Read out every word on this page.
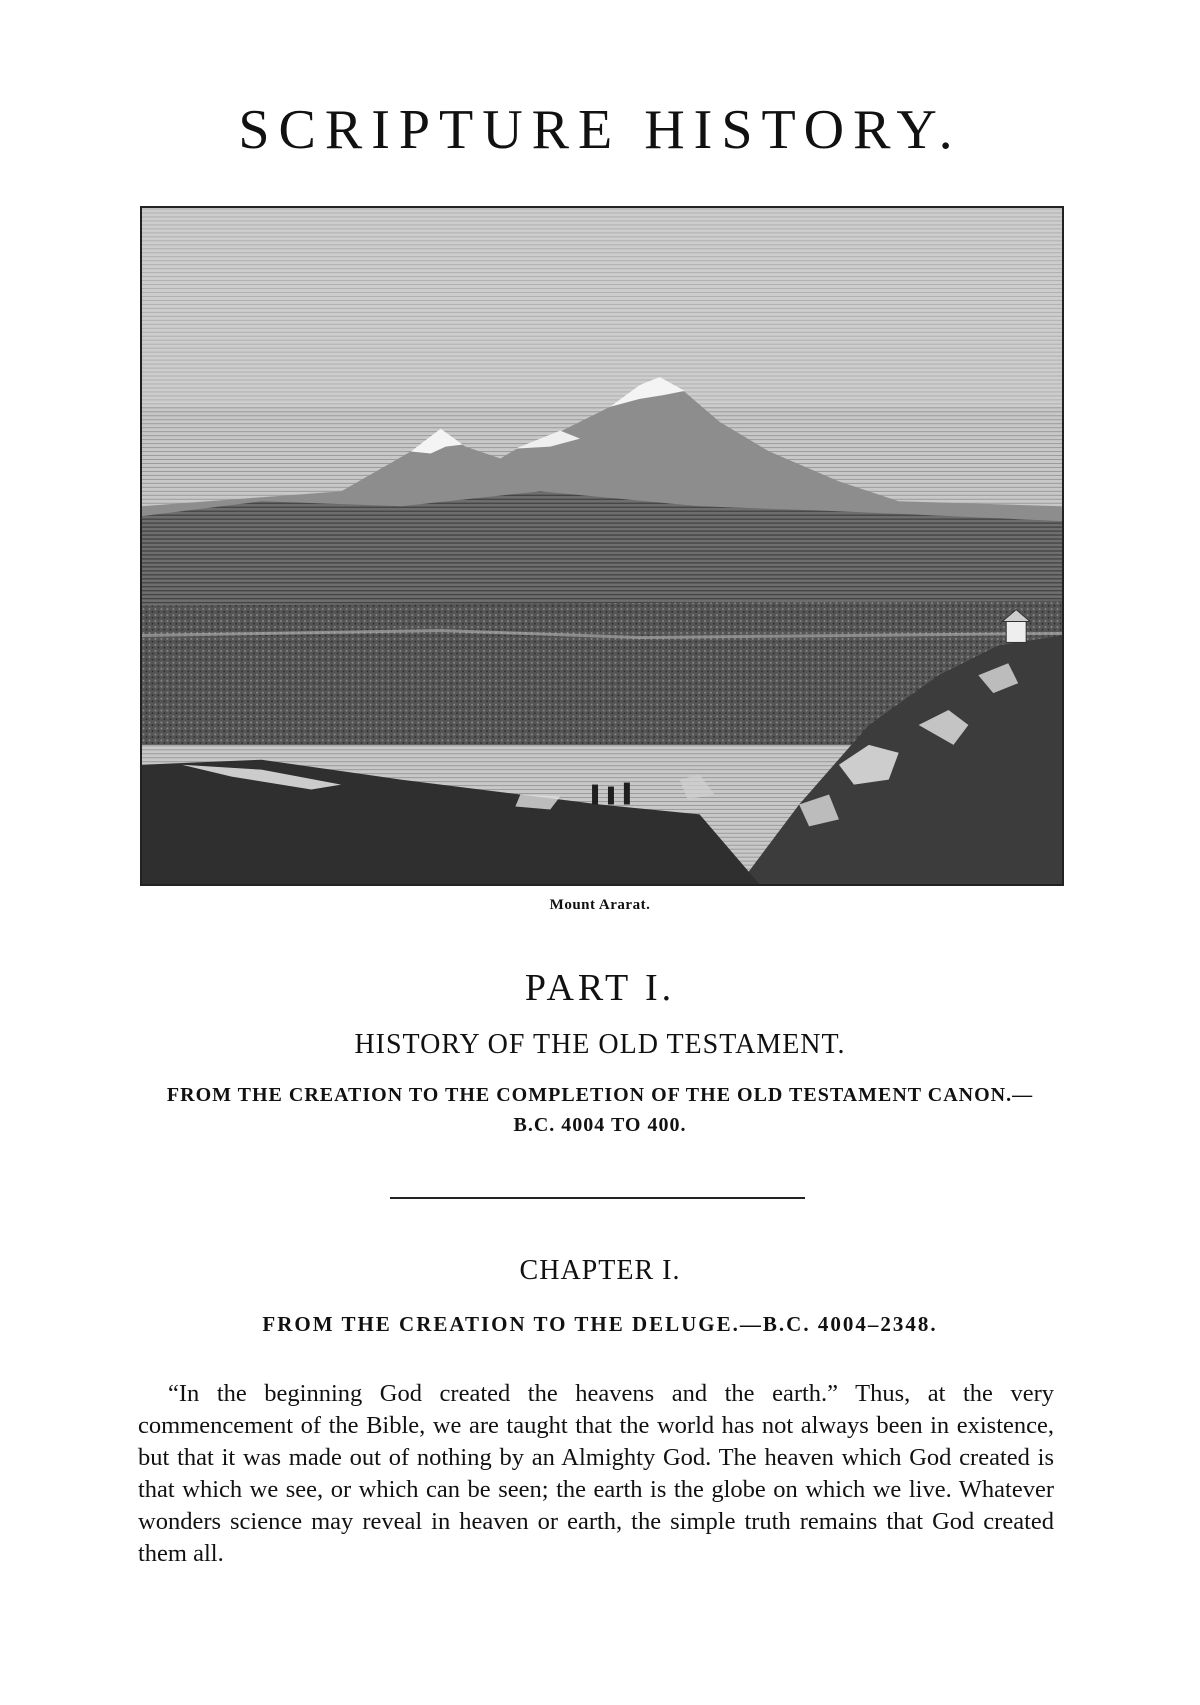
SCRIPTURE HISTORY.
Mount Ararat.
PART I.
HISTORY OF THE OLD TESTAMENT.
FROM THE CREATION TO THE COMPLETION OF THE OLD TESTAMENT CANON.—B.C. 4004 TO 400.
CHAPTER I.
FROM THE CREATION TO THE DELUGE.—B.C. 4004–2348.

“In the beginning God created the heavens and the earth.” Thus, at the very commencement of the Bible, we are taught that the world has not always been in existence, but that it was made out of nothing by an Almighty God. The heaven which God created is that which we see, or which can be seen; the earth is the globe on which we live. Whatever wonders science may reveal in heaven or earth, the simple truth remains that God created them all.
